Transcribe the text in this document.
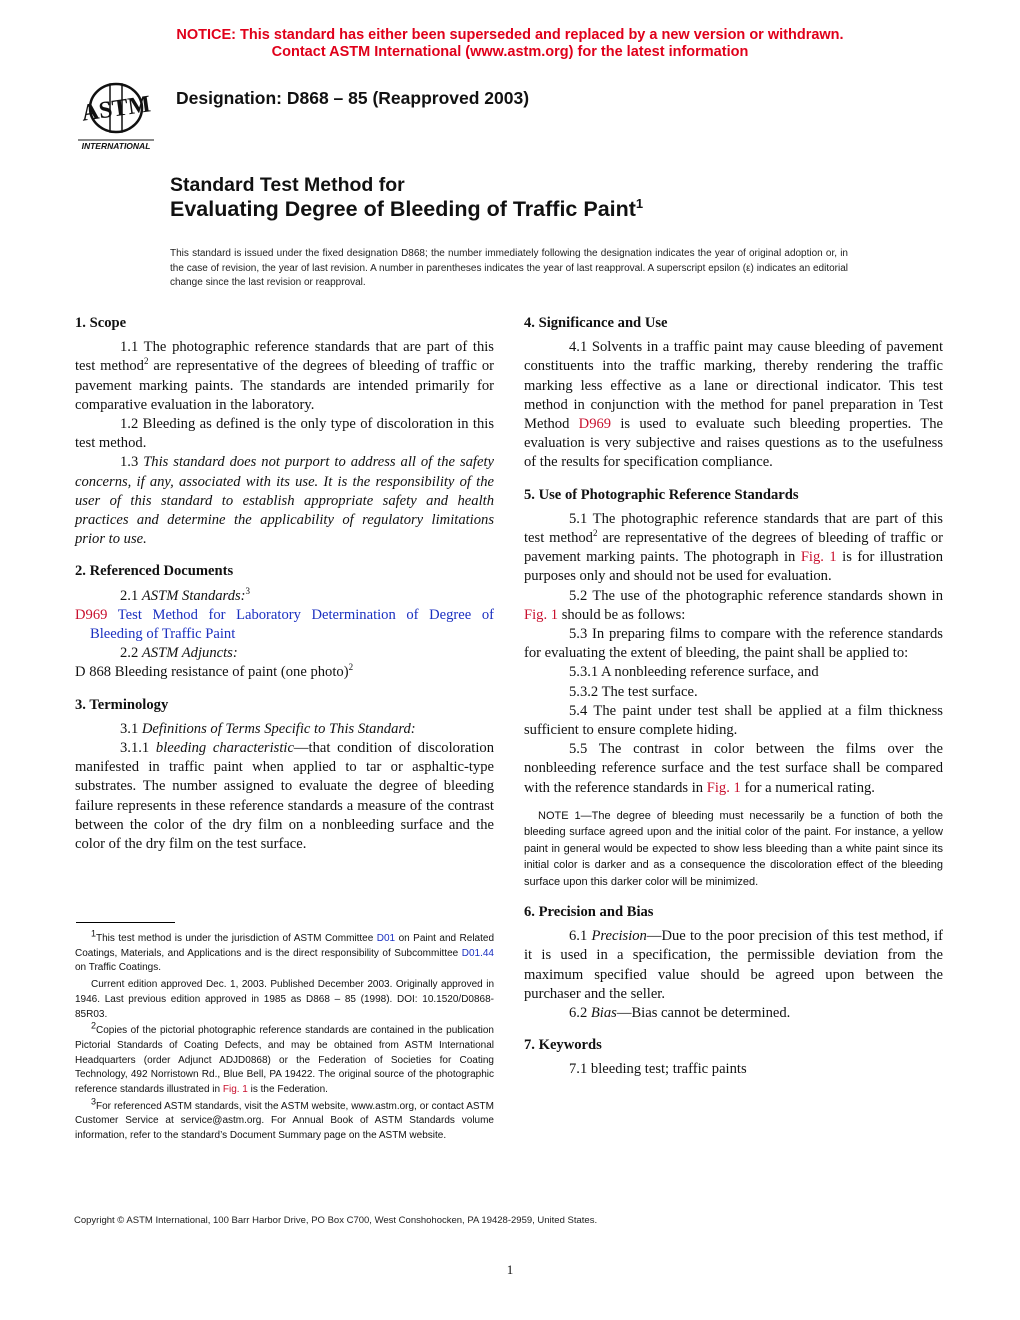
NOTICE: This standard has either been superseded and replaced by a new version or withdrawn.
Contact ASTM International (www.astm.org) for the latest information
ASTM
INTERNATIONAL
Designation: D868 – 85 (Reapproved 2003)
Standard Test Method for
Evaluating Degree of Bleeding of Traffic Paint$^1$
This standard is issued under the fixed designation D868; the number immediately following the designation indicates the year of original adoption or, in the case of revision, the year of last revision. A number in parentheses indicates the year of last reapproval. A superscript epsilon (ε) indicates an editorial change since the last revision or reapproval.
1. Scope

1.1 The photographic reference standards that are part of this test method$^2$ are representative of the degrees of bleeding of traffic or pavement marking paints. The standards are intended primarily for comparative evaluation in the laboratory.

1.2 Bleeding as defined is the only type of discoloration in this test method.

1.3 This standard does not purport to address all of the safety concerns, if any, associated with its use. It is the responsibility of the user of this standard to establish appropriate safety and health practices and determine the applicability of regulatory limitations prior to use.

2. Referenced Documents

2.1 ASTM Standards:$^3$

D969 Test Method for Laboratory Determination of Degree of Bleeding of Traffic Paint

2.2 ASTM Adjuncts:

D 868 Bleeding resistance of paint (one photo)$^2$

3. Terminology

3.1 Definitions of Terms Specific to This Standard:

3.1.1 bleeding characteristic—that condition of discoloration manifested in traffic paint when applied to tar or asphaltic-type substrates. The number assigned to evaluate the degree of bleeding failure represents in these reference standards a measure of the contrast between the color of the dry film on a nonbleeding surface and the color of the dry film on the test surface.

$^1$This test method is under the jurisdiction of ASTM Committee D01 on Paint and Related Coatings, Materials, and Applications and is the direct responsibility of Subcommittee D01.44 on Traffic Coatings.

Current edition approved Dec. 1, 2003. Published December 2003. Originally approved in 1946. Last previous edition approved in 1985 as D868 – 85 (1998). DOI: 10.1520/D0868-85R03.

$^2$Copies of the pictorial photographic reference standards are contained in the publication Pictorial Standards of Coating Defects, and may be obtained from ASTM International Headquarters (order Adjunct ADJD0868) or the Federation of Societies for Coating Technology, 492 Norristown Rd., Blue Bell, PA 19422. The original source of the photographic reference standards illustrated in Fig. 1 is the Federation.

$^3$For referenced ASTM standards, visit the ASTM website, www.astm.org, or contact ASTM Customer Service at service@astm.org. For Annual Book of ASTM Standards volume information, refer to the standard’s Document Summary page on the ASTM website.

4. Significance and Use

4.1 Solvents in a traffic paint may cause bleeding of pavement constituents into the traffic marking, thereby rendering the traffic marking less effective as a lane or directional indicator. This test method in conjunction with the method for panel preparation in Test Method D969 is used to evaluate such bleeding properties. The evaluation is very subjective and raises questions as to the usefulness of the results for specification compliance.

5. Use of Photographic Reference Standards

5.1 The photographic reference standards that are part of this test method$^2$ are representative of the degrees of bleeding of traffic or pavement marking paints. The photograph in Fig. 1 is for illustration purposes only and should not be used for evaluation.

5.2 The use of the photographic reference standards shown in Fig. 1 should be as follows:

5.3 In preparing films to compare with the reference standards for evaluating the extent of bleeding, the paint shall be applied to:

5.3.1 A nonbleeding reference surface, and

5.3.2 The test surface.

5.4 The paint under test shall be applied at a film thickness sufficient to ensure complete hiding.

5.5 The contrast in color between the films over the nonbleeding reference surface and the test surface shall be compared with the reference standards in Fig. 1 for a numerical rating.

NOTE 1—The degree of bleeding must necessarily be a function of both the bleeding surface agreed upon and the initial color of the paint. For instance, a yellow paint in general would be expected to show less bleeding than a white paint since its initial color is darker and as a consequence the discoloration effect of the bleeding surface upon this darker color will be minimized.

6. Precision and Bias

6.1 Precision—Due to the poor precision of this test method, if it is used in a specification, the permissible deviation from the maximum specified value should be agreed upon between the purchaser and the seller.

6.2 Bias—Bias cannot be determined.

7. Keywords

7.1 bleeding test; traffic paints

Copyright © ASTM International, 100 Barr Harbor Drive, PO Box C700, West Conshohocken, PA 19428-2959, United States.
1
